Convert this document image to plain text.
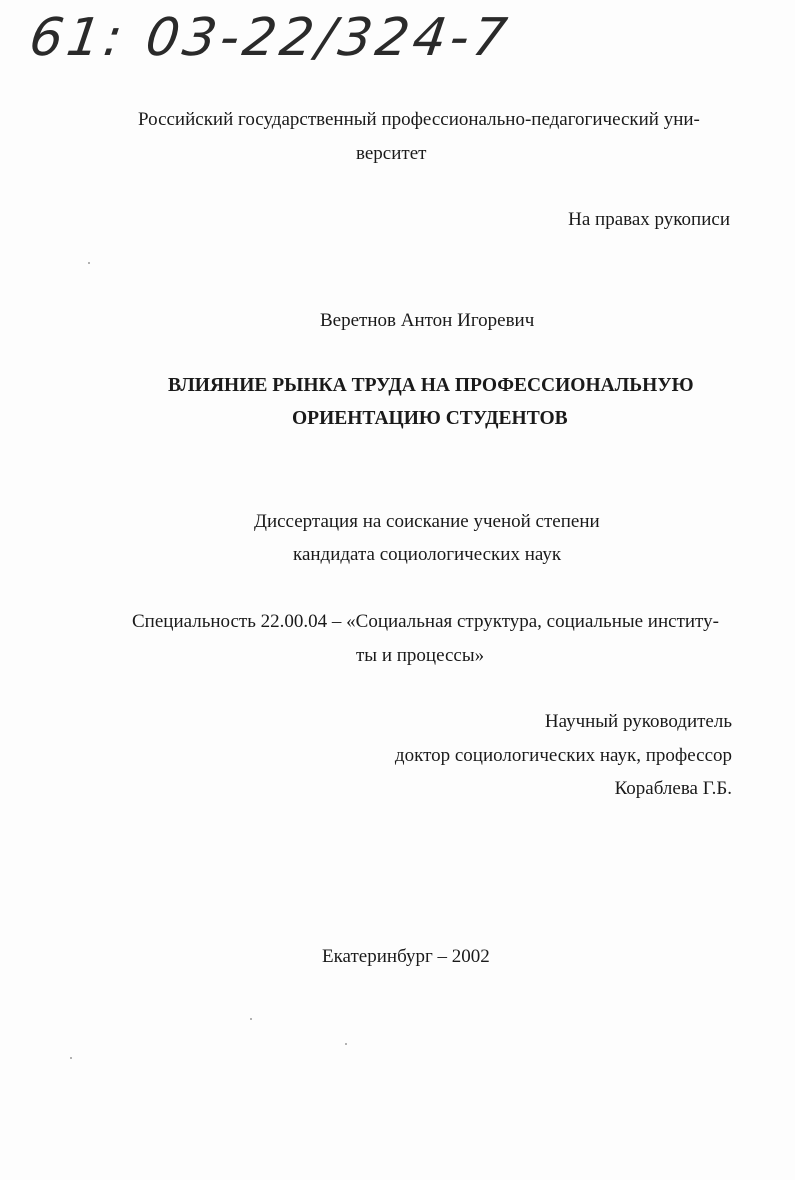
61: 03-22/324-7
Российский государственный профессионально-педагогический уни-
верситет
На правах рукописи
Веретнов Антон Игоревич
ВЛИЯНИЕ РЫНКА ТРУДА НА ПРОФЕССИОНАЛЬНУЮ
ОРИЕНТАЦИЮ СТУДЕНТОВ
Диссертация на соискание ученой степени
кандидата социологических наук
Специальность 22.00.04 – «Социальная структура, социальные институ-
ты и процессы»
Научный руководитель
доктор социологических наук, профессор
Кораблева Г.Б.
Екатеринбург – 2002
